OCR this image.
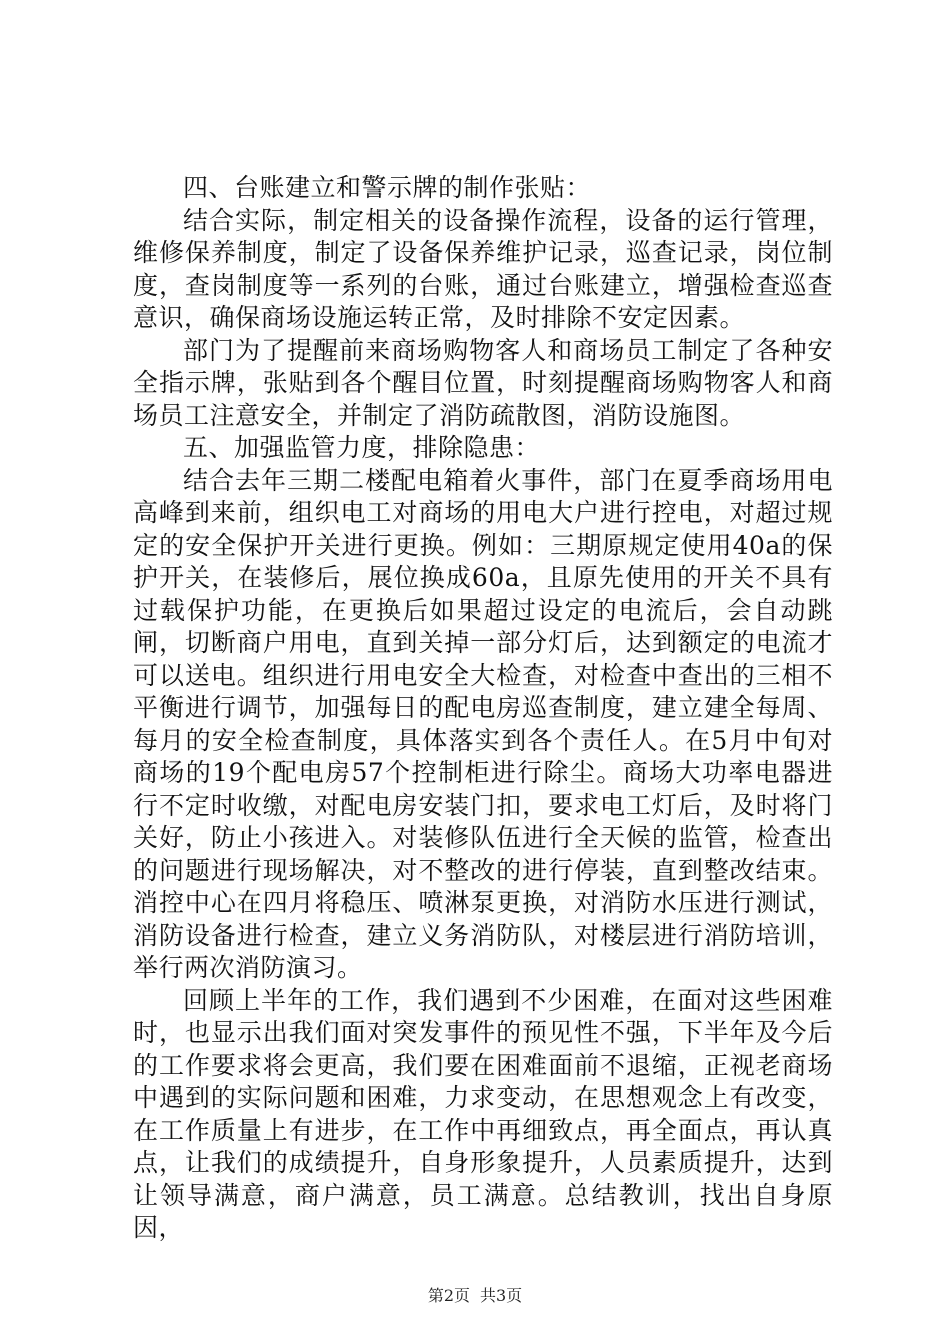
四、台账建立和警示牌的制作张贴：

结合实际，制定相关的设备操作流程，设备的运行管理，维修保养制度，制定了设备保养维护记录，巡查记录，岗位制度，查岗制度等一系列的台账，通过台账建立，增强检查巡查意识，确保商场设施运转正常，及时排除不安定因素。

部门为了提醒前来商场购物客人和商场员工制定了各种安全指示牌，张贴到各个醒目位置，时刻提醒商场购物客人和商场员工注意安全，并制定了消防疏散图，消防设施图。

五、加强监管力度，排除隐患：

结合去年三期二楼配电箱着火事件，部门在夏季商场用电高峰到来前，组织电工对商场的用电大户进行控电，对超过规定的安全保护开关进行更换。例如：三期原规定使用40a的保护开关，在装修后，展位换成60a，且原先使用的开关不具有过载保护功能，在更换后如果超过设定的电流后，会自动跳闸，切断商户用电，直到关掉一部分灯后，达到额定的电流才可以送电。组织进行用电安全大检查，对检查中查出的三相不平衡进行调节，加强每日的配电房巡查制度，建立建全每周、每月的安全检查制度，具体落实到各个责任人。在5月中旬对商场的19个配电房57个控制柜进行除尘。商场大功率电器进行不定时收缴，对配电房安装门扣，要求电工灯后，及时将门关好，防止小孩进入。对装修队伍进行全天候的监管，检查出的问题进行现场解决，对不整改的进行停装，直到整改结束。消控中心在四月将稳压、喷淋泵更换，对消防水压进行测试，消防设备进行检查，建立义务消防队，对楼层进行消防培训，举行两次消防演习。

回顾上半年的工作，我们遇到不少困难，在面对这些困难时，也显示出我们面对突发事件的预见性不强，下半年及今后的工作要求将会更高，我们要在困难面前不退缩，正视老商场中遇到的实际问题和困难，力求变动，在思想观念上有改变，在工作质量上有进步，在工作中再细致点，再全面点，再认真点，让我们的成绩提升，自身形象提升，人员素质提升，达到让领导满意，商户满意，员工满意。总结教训，找出自身原因，

第2页 共3页
